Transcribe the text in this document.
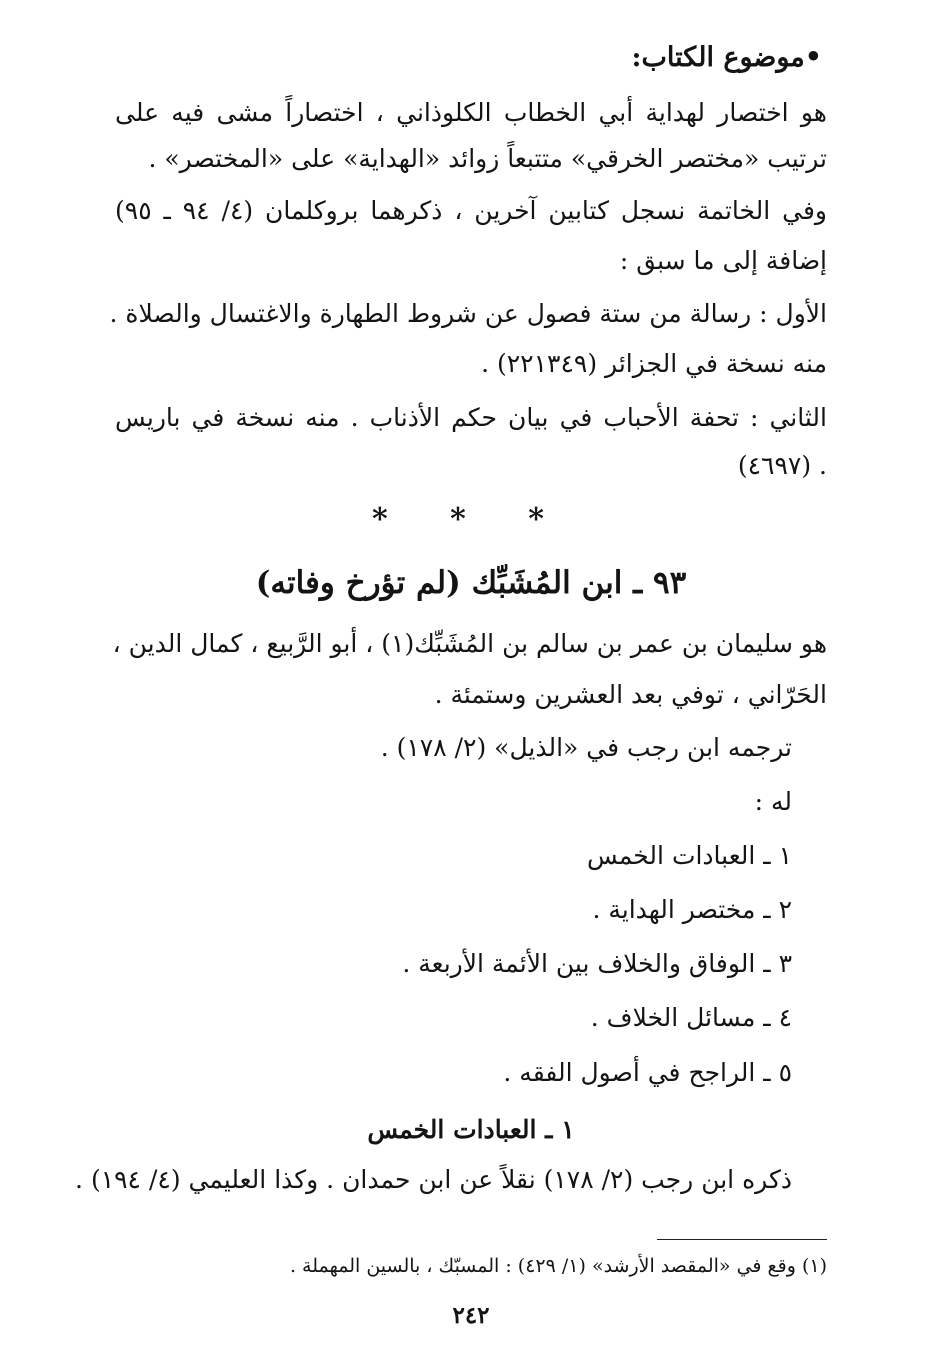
•موضوع الكتاب:
هو اختصار لهداية أبي الخطاب الكلوذاني ، اختصاراً مشى فيه على
ترتيب «مختصر الخرقي» متتبعاً زوائد «الهداية» على «المختصر» .
وفي الخاتمة نسجل كتابين آخرين ، ذكرهما بروكلمان (٤/ ٩٤ ـ ٩٥)
إضافة إلى ما سبق :
الأول : رسالة من ستة فصول عن شروط الطهارة والاغتسال والصلاة .
منه نسخة في الجزائر (٢٢١٣٤٩) .
الثاني : تحفة الأحباب في بيان حكم الأذناب . منه نسخة في باريس
. (٤٦٩٧)
* * *
٩٣ ـ ابن المُشَبِّك (لم تؤرخ وفاته)
هو سليمان بن عمر بن سالم بن المُشَبِّك(١) ، أبو الرَّبيع ، كمال الدين ،
الحَرّاني ، توفي بعد العشرين وستمئة .
ترجمه ابن رجب في «الذيل» (٢/ ١٧٨) .
له :
١ ـ العبادات الخمس
٢ ـ مختصر الهداية .
٣ ـ الوفاق والخلاف بين الأئمة الأربعة .
٤ ـ مسائل الخلاف .
٥ ـ الراجح في أصول الفقه .
١ ـ العبادات الخمس
ذكره ابن رجب (٢/ ١٧٨) نقلاً عن ابن حمدان . وكذا العليمي (٤/ ١٩٤) .
(١) وقع في «المقصد الأرشد» (١/ ٤٢٩) : المسبّك ، بالسين المهملة .
٢٤٢
